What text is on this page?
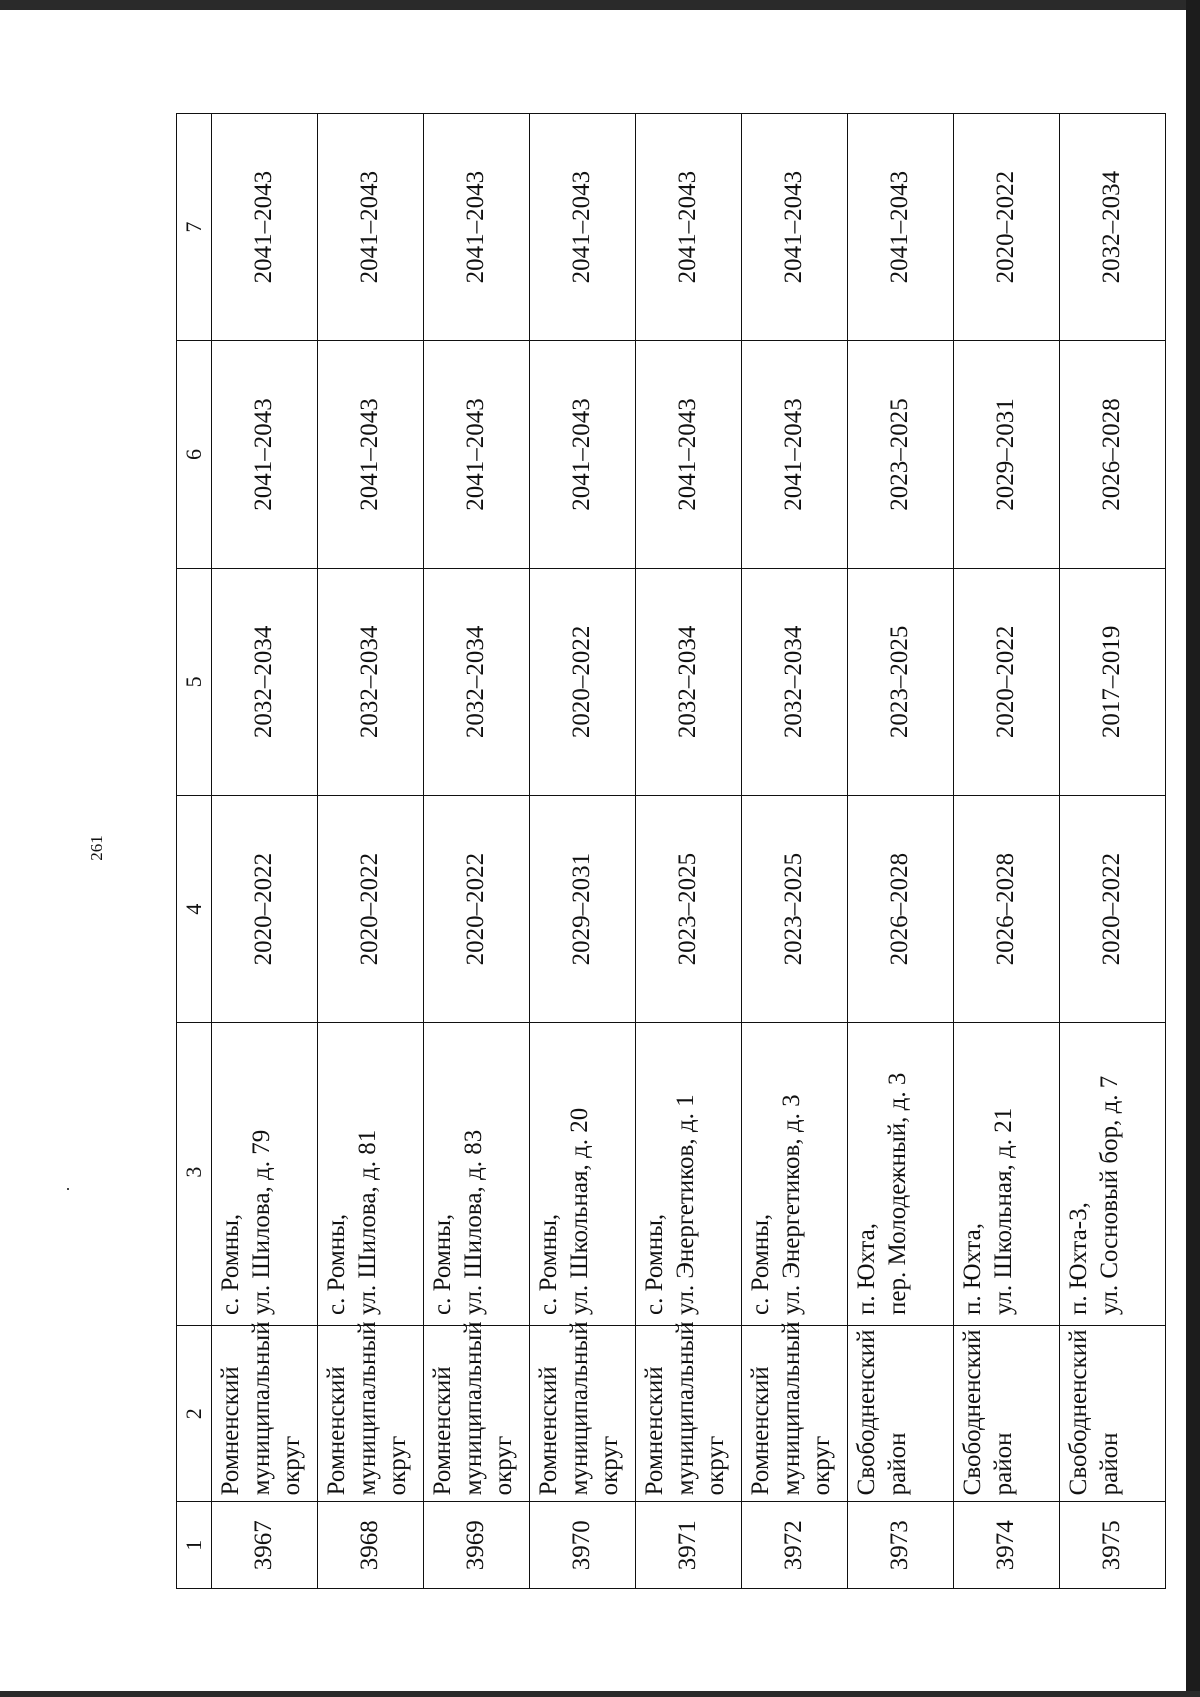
261
1	2	3	4	5	6	7
3967	Ромненский муниципальный округ	с. Ромны, ул. Шилова, д. 79	2020–2022	2032–2034	2041–2043	2041–2043
3968	Ромненский муниципальный округ	с. Ромны, ул. Шилова, д. 81	2020–2022	2032–2034	2041–2043	2041–2043
3969	Ромненский муниципальный округ	с. Ромны, ул. Шилова, д. 83	2020–2022	2032–2034	2041–2043	2041–2043
3970	Ромненский муниципальный округ	с. Ромны, ул. Школьная, д. 20	2029–2031	2020–2022	2041–2043	2041–2043
3971	Ромненский муниципальный округ	с. Ромны, ул. Энергетиков, д. 1	2023–2025	2032–2034	2041–2043	2041–2043
3972	Ромненский муниципальный округ	с. Ромны, ул. Энергетиков, д. 3	2023–2025	2032–2034	2041–2043	2041–2043
3973	Свободненский район	п. Юхта, пер. Молодежный, д. 3	2026–2028	2023–2025	2023–2025	2041–2043
3974	Свободненский район	п. Юхта, ул. Школьная, д. 21	2026–2028	2020–2022	2029–2031	2020–2022
3975	Свободненский район	п. Юхта-3, ул. Сосновый бор, д. 7	2020–2022	2017–2019	2026–2028	2032–2034
